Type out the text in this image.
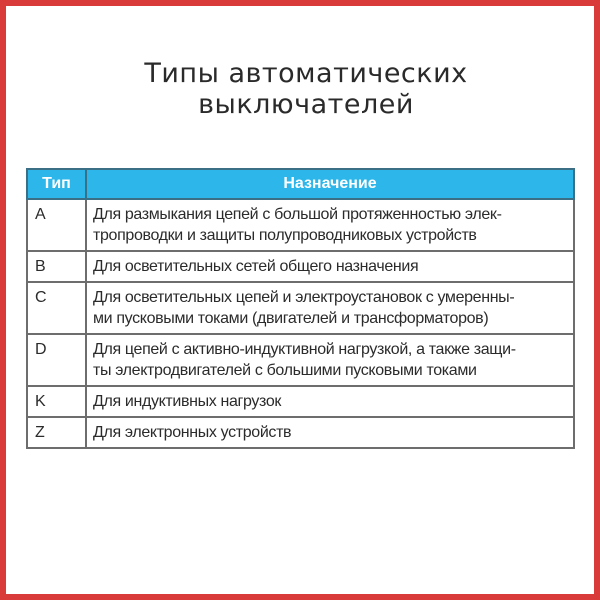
Типы автоматических
выключателей
Тип	Назначение
A	Для размыкания цепей с большой протяженностью элек-
тропроводки и защиты полупроводниковых устройств

B	Для осветительных сетей общего назначения

C	Для осветительных цепей и электроустановок с умеренны-
ми пусковыми токами (двигателей и трансформаторов)

D	Для цепей с активно-индуктивной нагрузкой, а также защи-
ты электродвигателей с большими пусковыми токами

K	Для индуктивных нагрузок

Z	Для электронных устройств
